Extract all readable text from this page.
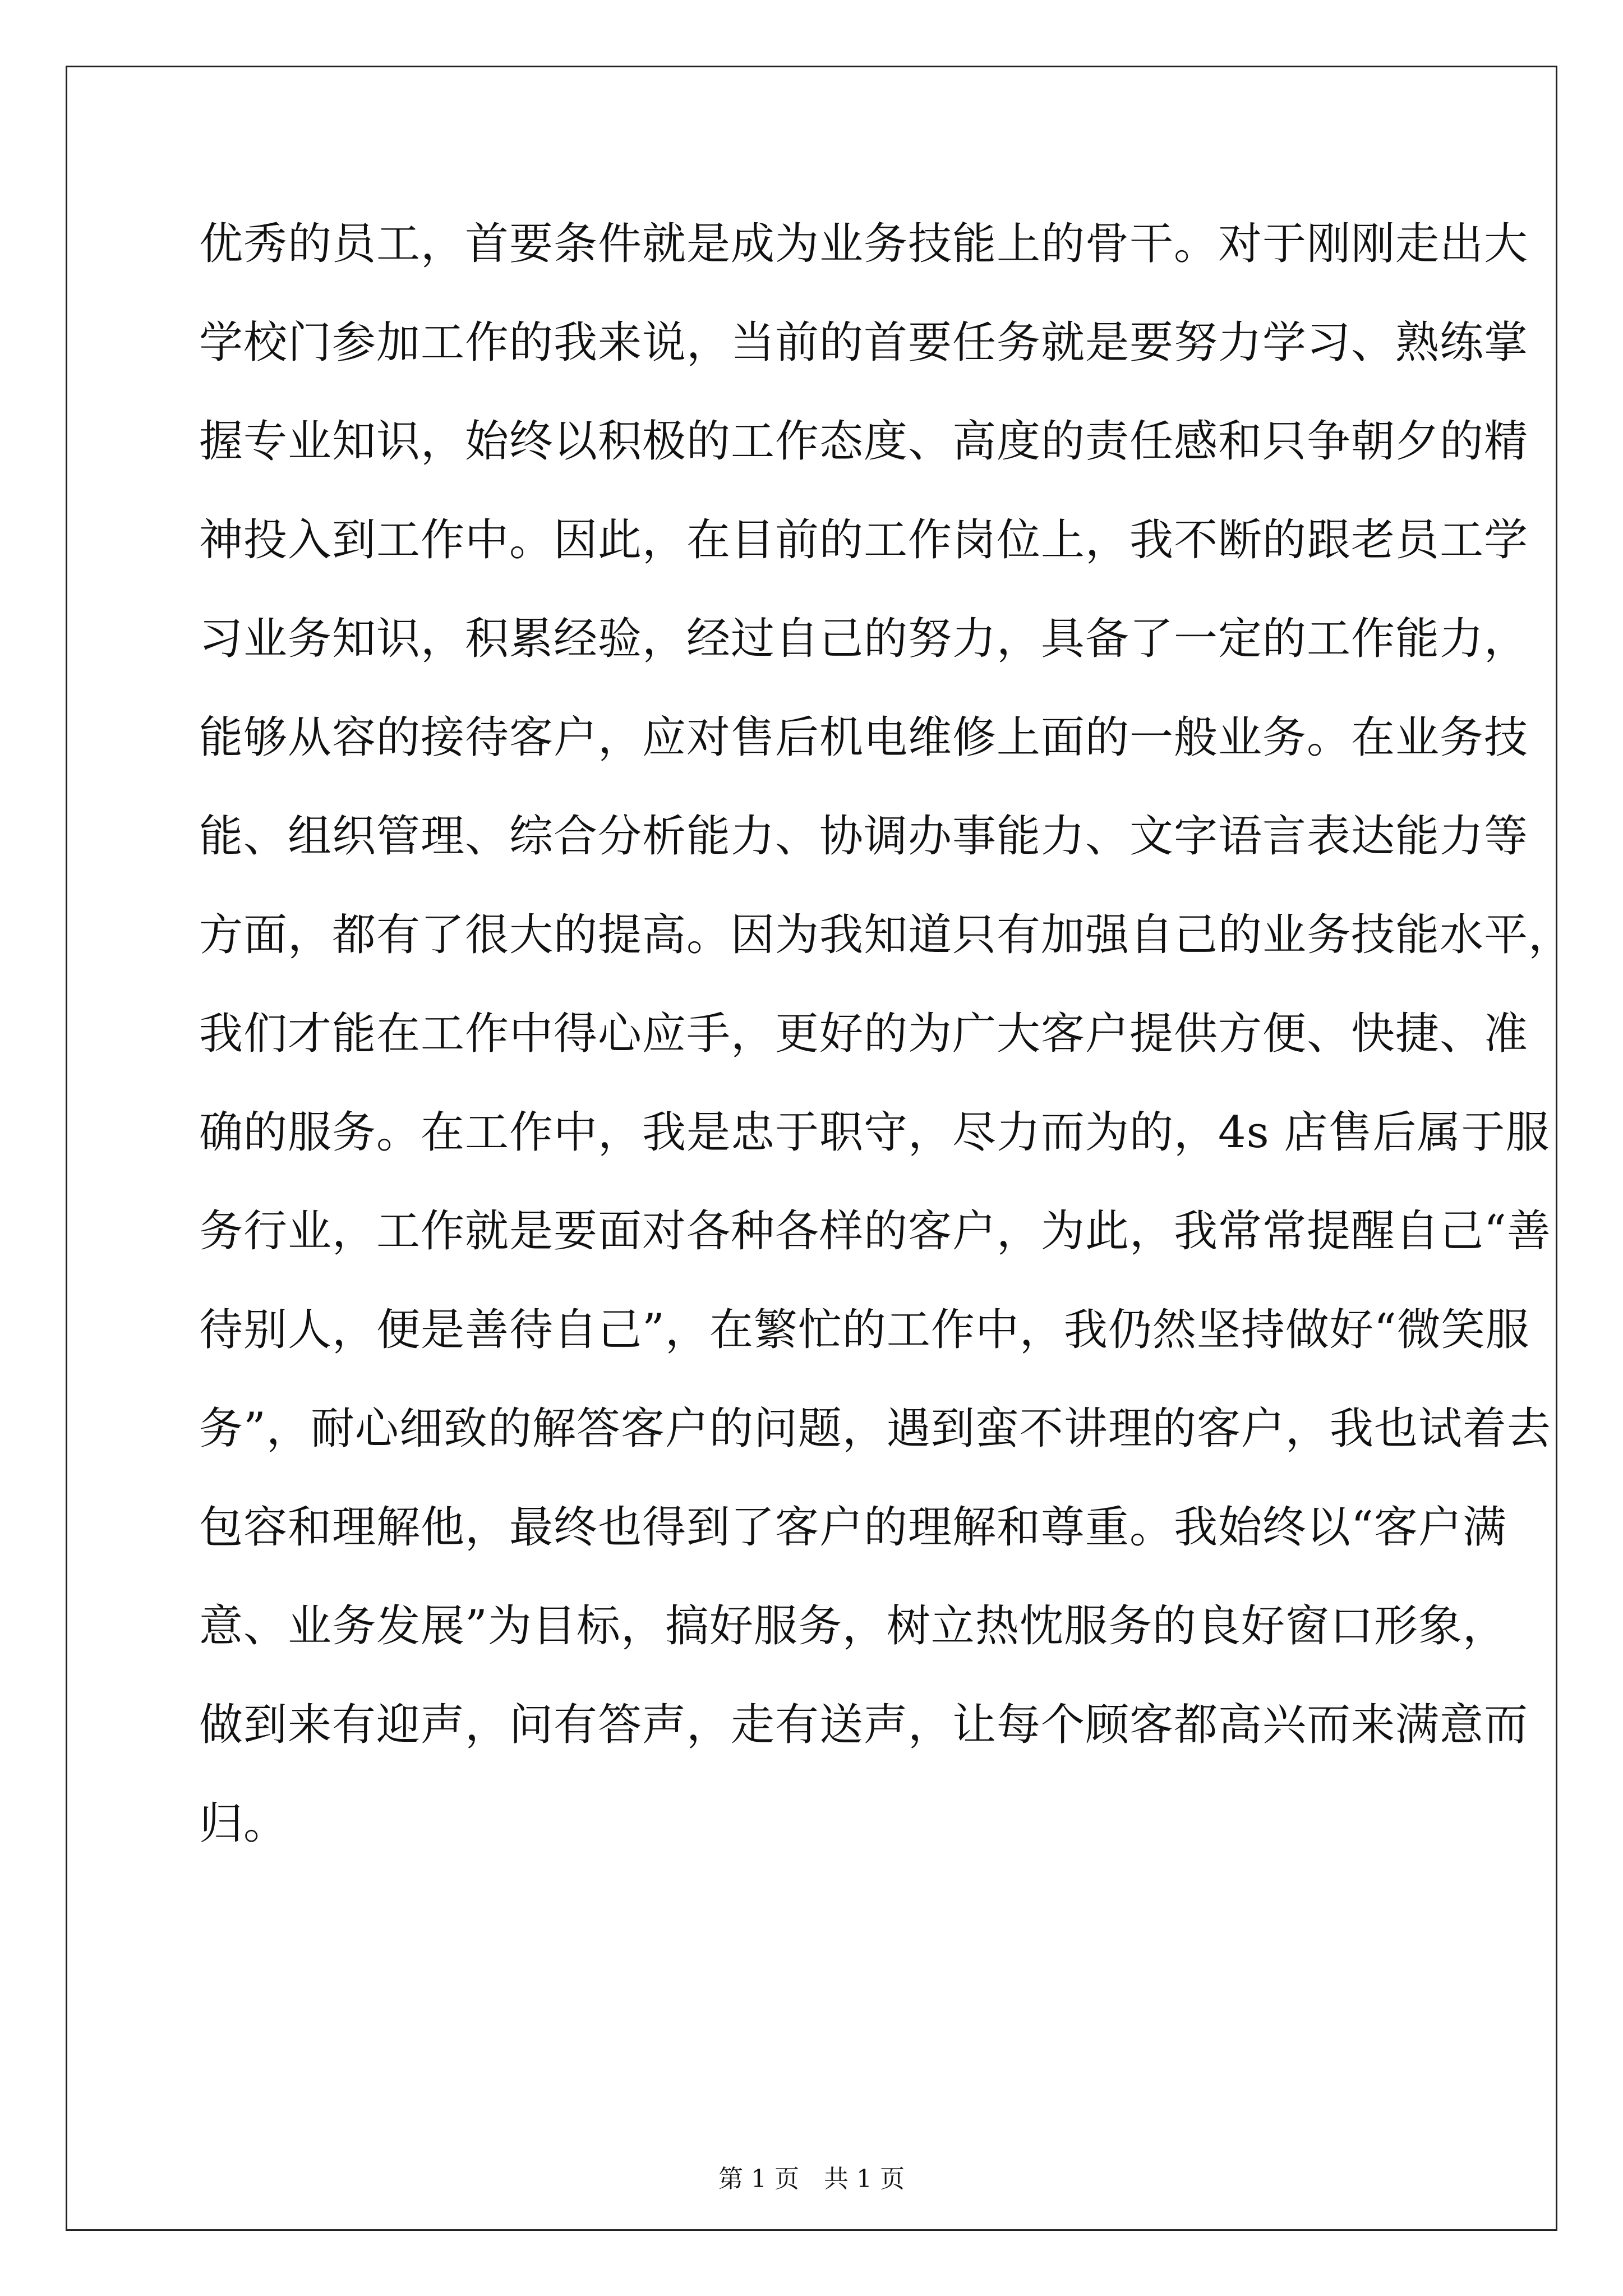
优秀的员工，首要条件就是成为业务技能上的骨干。对于刚刚走出大
学校门参加工作的我来说，当前的首要任务就是要努力学习、熟练掌
握专业知识，始终以积极的工作态度、高度的责任感和只争朝夕的精
神投入到工作中。因此，在目前的工作岗位上，我不断的跟老员工学
习业务知识，积累经验，经过自己的努力，具备了一定的工作能力，
能够从容的接待客户，应对售后机电维修上面的一般业务。在业务技
能、组织管理、综合分析能力、协调办事能力、文字语言表达能力等
方面，都有了很大的提高。因为我知道只有加强自己的业务技能水平，
我们才能在工作中得心应手，更好的为广大客户提供方便、快捷、准
确的服务。在工作中，我是忠于职守，尽力而为的，4s 店售后属于服
务行业，工作就是要面对各种各样的客户，为此，我常常提醒自己“善
待别人，便是善待自己”，在繁忙的工作中，我仍然坚持做好“微笑服
务”，耐心细致的解答客户的问题，遇到蛮不讲理的客户，我也试着去
包容和理解他，最终也得到了客户的理解和尊重。我始终以“客户满
意、业务发展”为目标，搞好服务，树立热忱服务的良好窗口形象，
做到来有迎声，问有答声，走有送声，让每个顾客都高兴而来满意而
归。
第 1 页　共 1 页
